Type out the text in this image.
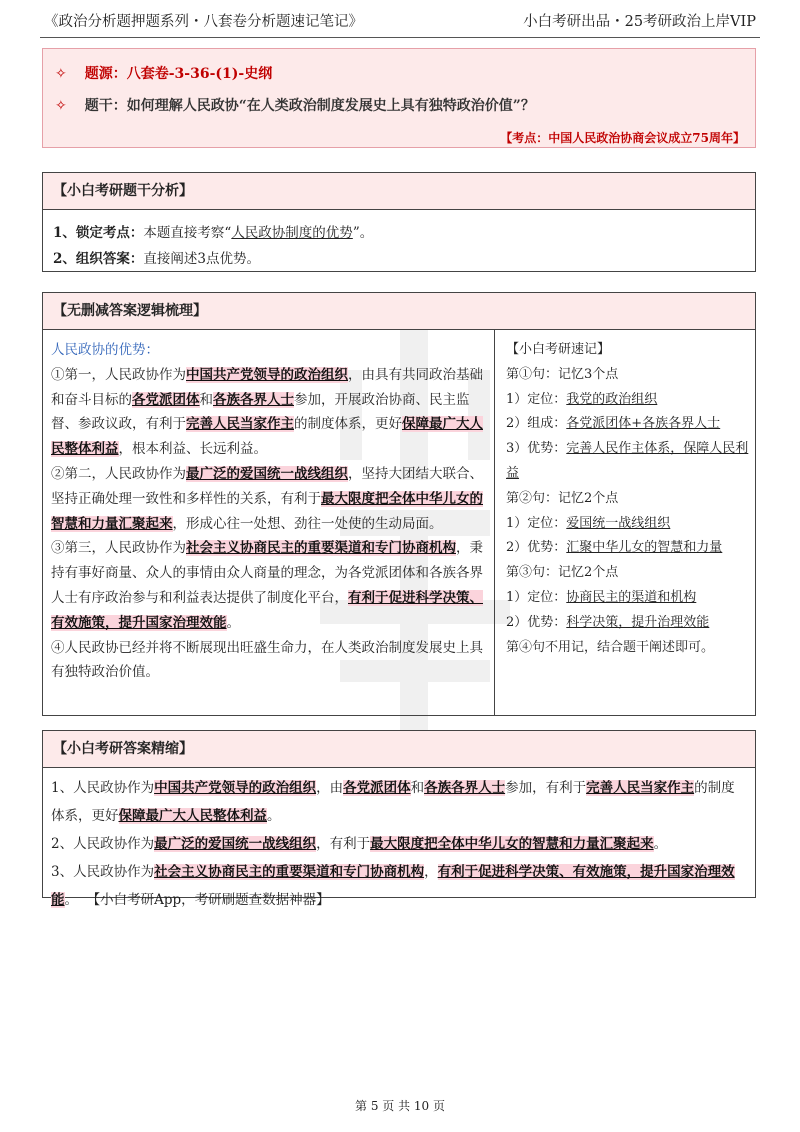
《政治分析题押题系列・八套卷分析题速记笔记》	小白考研出品・25考研政治上岸VIP
✧ 题源：八套卷-3-36-(1)-史纲
✧ 题干：如何理解人民政协“在人类政治制度发展史上具有独特政治价值”？
【考点：中国人民政治协商会议成立75周年】
【小白考研题干分析】
1、锁定考点：本题直接考察“人民政协制度的优势”。
2、组织答案：直接阐述3点优势。
【无删减答案逻辑梳理】
人民政协的优势：
①第一，人民政协作为中国共产党领导的政治组织，由具有共同政治基础和奋斗目标的各党派团体和各族各界人士参加，开展政治协商、民主监督、参政议政，有利于完善人民当家作主的制度体系，更好保障最广大人民整体利益，根本利益、长远利益。
②第二，人民政协作为最广泛的爱国统一战线组织，坚持大团结大联合、坚持正确处理一致性和多样性的关系，有利于最大限度把全体中华儿女的智慧和力量汇聚起来，形成心往一处想、劲往一处使的生动局面。
③第三，人民政协作为社会主义协商民主的重要渠道和专门协商机构，秉持有事好商量、众人的事情由众人商量的理念，为各党派团体和各族各界人士有序政治参与和利益表达提供了制度化平台，有利于促进科学决策、有效施策，提升国家治理效能。
④人民政协已经并将不断展现出旺盛生命力，在人类政治制度发展史上具有独特政治价值。
【小白考研速记】
第①句：记忆3个点
1）定位：我党的政治组织
2）组成：各党派团体+各族各界人士
3）优势：完善人民作主体系，保障人民利益
第②句：记忆2个点
1）定位：爱国统一战线组织
2）优势：汇聚中华儿女的智慧和力量
第③句：记忆2个点
1）定位：协商民主的渠道和机构
2）优势：科学决策，提升治理效能
第④句不用记，结合题干阐述即可。
【小白考研答案精缩】
1、人民政协作为中国共产党领导的政治组织，由各党派团体和各族各界人士参加，有利于完善人民当家作主的制度体系，更好保障最广大人民整体利益。
2、人民政协作为最广泛的爱国统一战线组织，有利于最大限度把全体中华儿女的智慧和力量汇聚起来。
3、人民政协作为社会主义协商民主的重要渠道和专门协商机构，有利于促进科学决策、有效施策，提升国家治理效能。 【小白考研App，考研刷题查数据神器】
第 5 页 共 10 页
